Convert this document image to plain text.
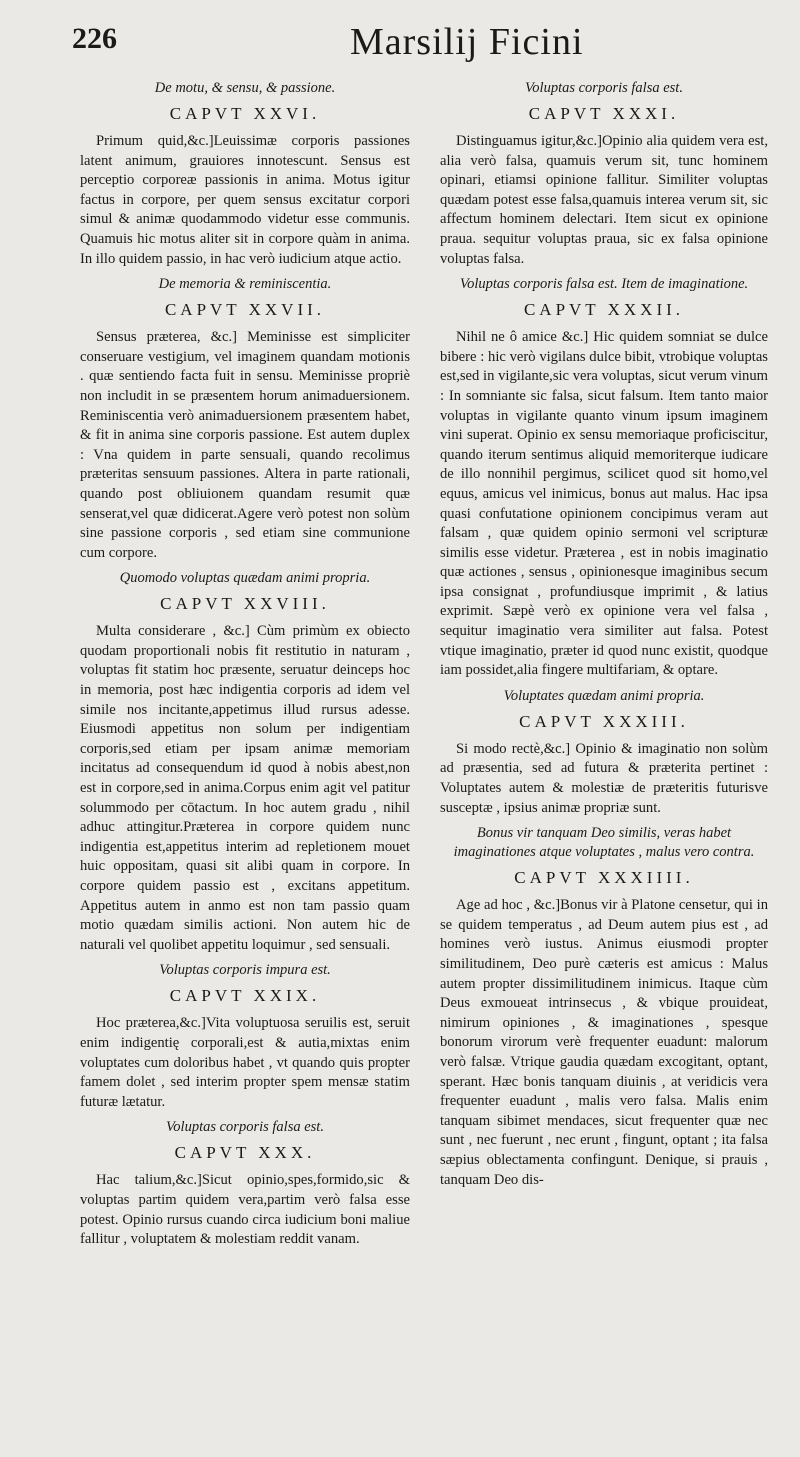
226	Marsilij Ficini
De motu, & sensu, & passione.
CAPVT XXVI.

Primum quid,&c.]Leuissimæ corporis passiones latent animum, grauiores innotescunt. Sensus est perceptio corporeæ passionis in anima. Motus igitur factus in corpore, per quem sensus excitatur corpori simul & animæ quodammodo videtur esse communis. Quamuis hic motus aliter sit in corpore quàm in anima. In illo quidem passio, in hac verò iudicium atque actio.

De memoria & reminiscentia.
CAPVT XXVII.

Sensus præterea, &c.] Meminisse est simpliciter conseruare vestigium, vel imaginem quandam motionis . quæ sentiendo facta fuit in sensu. Meminisse propriè non includit in se præsentem horum animaduersionem. Reminiscentia verò animaduersionem præsentem habet, & fit in anima sine corporis passione. Est autem duplex : Vna quidem in parte sensuali, quando recolimus præteritas sensuum passiones. Altera in parte rationali, quando post obliuionem quandam resumit quæ senserat,vel quæ didicerat.Agere verò potest non solùm sine passione corporis , sed etiam sine communione cum corpore.

Quomodo voluptas quædam animi propria.
CAPVT XXVIII.

Multa considerare , &c.] Cùm primùm ex obiecto quodam proportionali nobis fit restitutio in naturam , voluptas fit statim hoc præsente, seruatur deinceps hoc in memoria, post hæc indigentia corporis ad idem vel simile nos incitante,appetimus illud rursus adesse. Eiusmodi appetitus non solum per indigentiam corporis,sed etiam per ipsam animæ memoriam incitatus ad consequendum id quod à nobis abest,non est in corpore,sed in anima.Corpus enim agit vel patitur solummodo per cōtactum. In hoc autem gradu , nihil adhuc attingitur.Præterea in corpore quidem nunc indigentia est,appetitus interim ad repletionem mouet huic oppositam, quasi sit alibi quam in corpore. In corpore quidem passio est , excitans appetitum. Appetitus autem in anmo est non tam passio quam motio quædam similis actioni. Non autem hic de naturali vel quolibet appetitu loquimur , sed sensuali.

Voluptas corporis impura est.
CAPVT XXIX.

Hoc præterea,&c.]Vita voluptuosa seruilis est, seruit enim indigentię corporali,est & autia,mixtas enim voluptates cum doloribus habet , vt quando quis propter famem dolet , sed interim propter spem mensæ statim futuræ lætatur.

Voluptas corporis falsa est.
CAPVT XXX.

Hac talium,&c.]Sicut opinio,spes,formido,sic & voluptas partim quidem vera,partim verò falsa esse potest. Opinio rursus cuando circa iudicium boni maliue fallitur , voluptatem & molestiam reddit vanam.

Voluptas corporis falsa est.
CAPVT XXXI.

Distinguamus igitur,&c.]Opinio alia quidem vera est, alia verò falsa, quamuis verum sit, tunc hominem opinari, etiamsi opinione fallitur. Similiter voluptas quædam potest esse falsa,quamuis interea verum sit, sic affectum hominem delectari. Item sicut ex opinione praua. sequitur voluptas praua, sic ex falsa opinione voluptas falsa.

Voluptas corporis falsa est. Item de imaginatione.
CAPVT XXXII.

Nihil ne ô amice &c.] Hic quidem somniat se dulce bibere : hic verò vigilans dulce bibit, vtrobique voluptas est,sed in vigilante,sic vera voluptas, sicut verum vinum : In somniante sic falsa, sicut falsum. Item tanto maior voluptas in vigilante quanto vinum ipsum imaginem vini superat. Opinio ex sensu memoriaque proficiscitur, quando iterum sentimus aliquid memoriterque iudicare de illo nonnihil pergimus, scilicet quod sit homo,vel equus, amicus vel inimicus, bonus aut malus. Hac ipsa quasi confutatione opinionem concipimus veram aut falsam , quæ quidem opinio sermoni vel scripturæ similis esse videtur. Præterea , est in nobis imaginatio quæ actiones , sensus , opinionesque imaginibus secum ipsa consignat , profundiusque imprimit , & latius exprimit. Sæpè verò ex opinione vera vel falsa , sequitur imaginatio vera similiter aut falsa. Potest vtique imaginatio, præter id quod nunc existit, quodque iam possidet,alia fingere multifariam, & optare.

Voluptates quædam animi propria.
CAPVT XXXIII.

Si modo rectè,&c.] Opinio & imaginatio non solùm ad præsentia, sed ad futura & præterita pertinet : Voluptates autem & molestiæ de præteritis futurisve susceptæ , ipsius animæ propriæ sunt.

Bonus vir tanquam Deo similis, veras habet imaginationes atque voluptates , malus vero contra.
CAPVT XXXIIII.

Age ad hoc , &c.]Bonus vir à Platone censetur, qui in se quidem temperatus , ad Deum autem pius est , ad homines verò iustus. Animus eiusmodi propter similitudinem, Deo purè cæteris est amicus : Malus autem propter dissimilitudinem inimicus. Itaque cùm Deus exmoueat intrinsecus , & vbique prouideat, nimirum opiniones , & imaginationes , spesque bonorum virorum verè frequenter euadunt: malorum verò falsæ. Vtrique gaudia quædam excogitant, optant, sperant. Hæc bonis tanquam diuinis , at veridicis vera frequenter euadunt , malis vero falsa. Malis enim tanquam sibimet mendaces, sicut frequenter quæ nec sunt , nec fuerunt , nec erunt , fingunt, optant ; ita falsa sæpius oblectamenta confingunt. Denique, si prauis , tanquam Deo dis-
